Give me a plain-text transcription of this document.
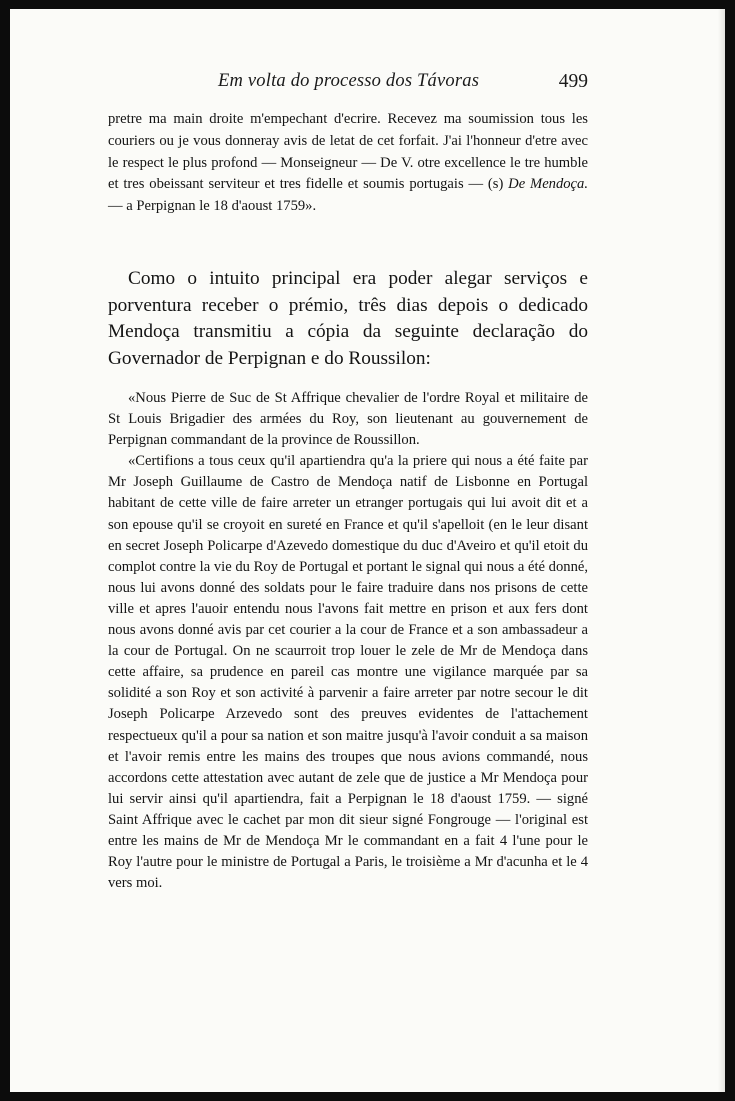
Em volta do processo dos Távoras	499

pretre ma main droite m'empechant d'ecrire. Recevez ma soumission tous les couriers ou je vous donneray avis de letat de cet forfait. J'ai l'honneur d'etre avec le respect le plus profond — Monseigneur — De V. otre excellence le tre humble et tres obeissant serviteur et tres fidelle et soumis portugais — (s) De Mendoça. — a Perpignan le 18 d'aoust 1759».

Como o intuito principal era poder alegar serviços e porventura receber o prémio, três dias depois o dedicado Mendoça transmitiu a cópia da seguinte declaração do Governador de Perpignan e do Roussilon:

«Nous Pierre de Suc de St Affrique chevalier de l'ordre Royal et militaire de St Louis Brigadier des armées du Roy, son lieutenant au gouvernement de Perpignan commandant de la province de Roussillon.

«Certifions a tous ceux qu'il apartiendra qu'a la priere qui nous a été faite par Mr Joseph Guillaume de Castro de Mendoça natif de Lisbonne en Portugal habitant de cette ville de faire arreter un etranger portugais qui lui avoit dit et a son epouse qu'il se croyoit en sureté en France et qu'il s'apelloit (en le leur disant en secret Joseph Policarpe d'Azevedo domestique du duc d'Aveiro et qu'il etoit du complot contre la vie du Roy de Portugal et portant le signal qui nous a été donné, nous lui avons donné des soldats pour le faire traduire dans nos prisons de cette ville et apres l'auoir entendu nous l'avons fait mettre en prison et aux fers dont nous avons donné avis par cet courier a la cour de France et a son ambassadeur a la cour de Portugal. On ne scaurroit trop louer le zele de Mr de Mendoça dans cette affaire, sa prudence en pareil cas montre une vigilance marquée par sa solidité a son Roy et son activité à parvenir a faire arreter par notre secour le dit Joseph Policarpe Arzevedo sont des preuves evidentes de l'attachement respectueux qu'il a pour sa nation et son maitre jusqu'à l'avoir conduit a sa maison et l'avoir remis entre les mains des troupes que nous avions commandé, nous accordons cette attestation avec autant de zele que de justice a Mr Mendoça pour lui servir ainsi qu'il apartiendra, fait a Perpignan le 18 d'aoust 1759. — signé Saint Affrique avec le cachet par mon dit sieur signé Fongrouge — l'original est entre les mains de Mr de Mendoça Mr le commandant en a fait 4 l'une pour le Roy l'autre pour le ministre de Portugal a Paris, le troisième a Mr d'acunha et le 4 vers moi.
